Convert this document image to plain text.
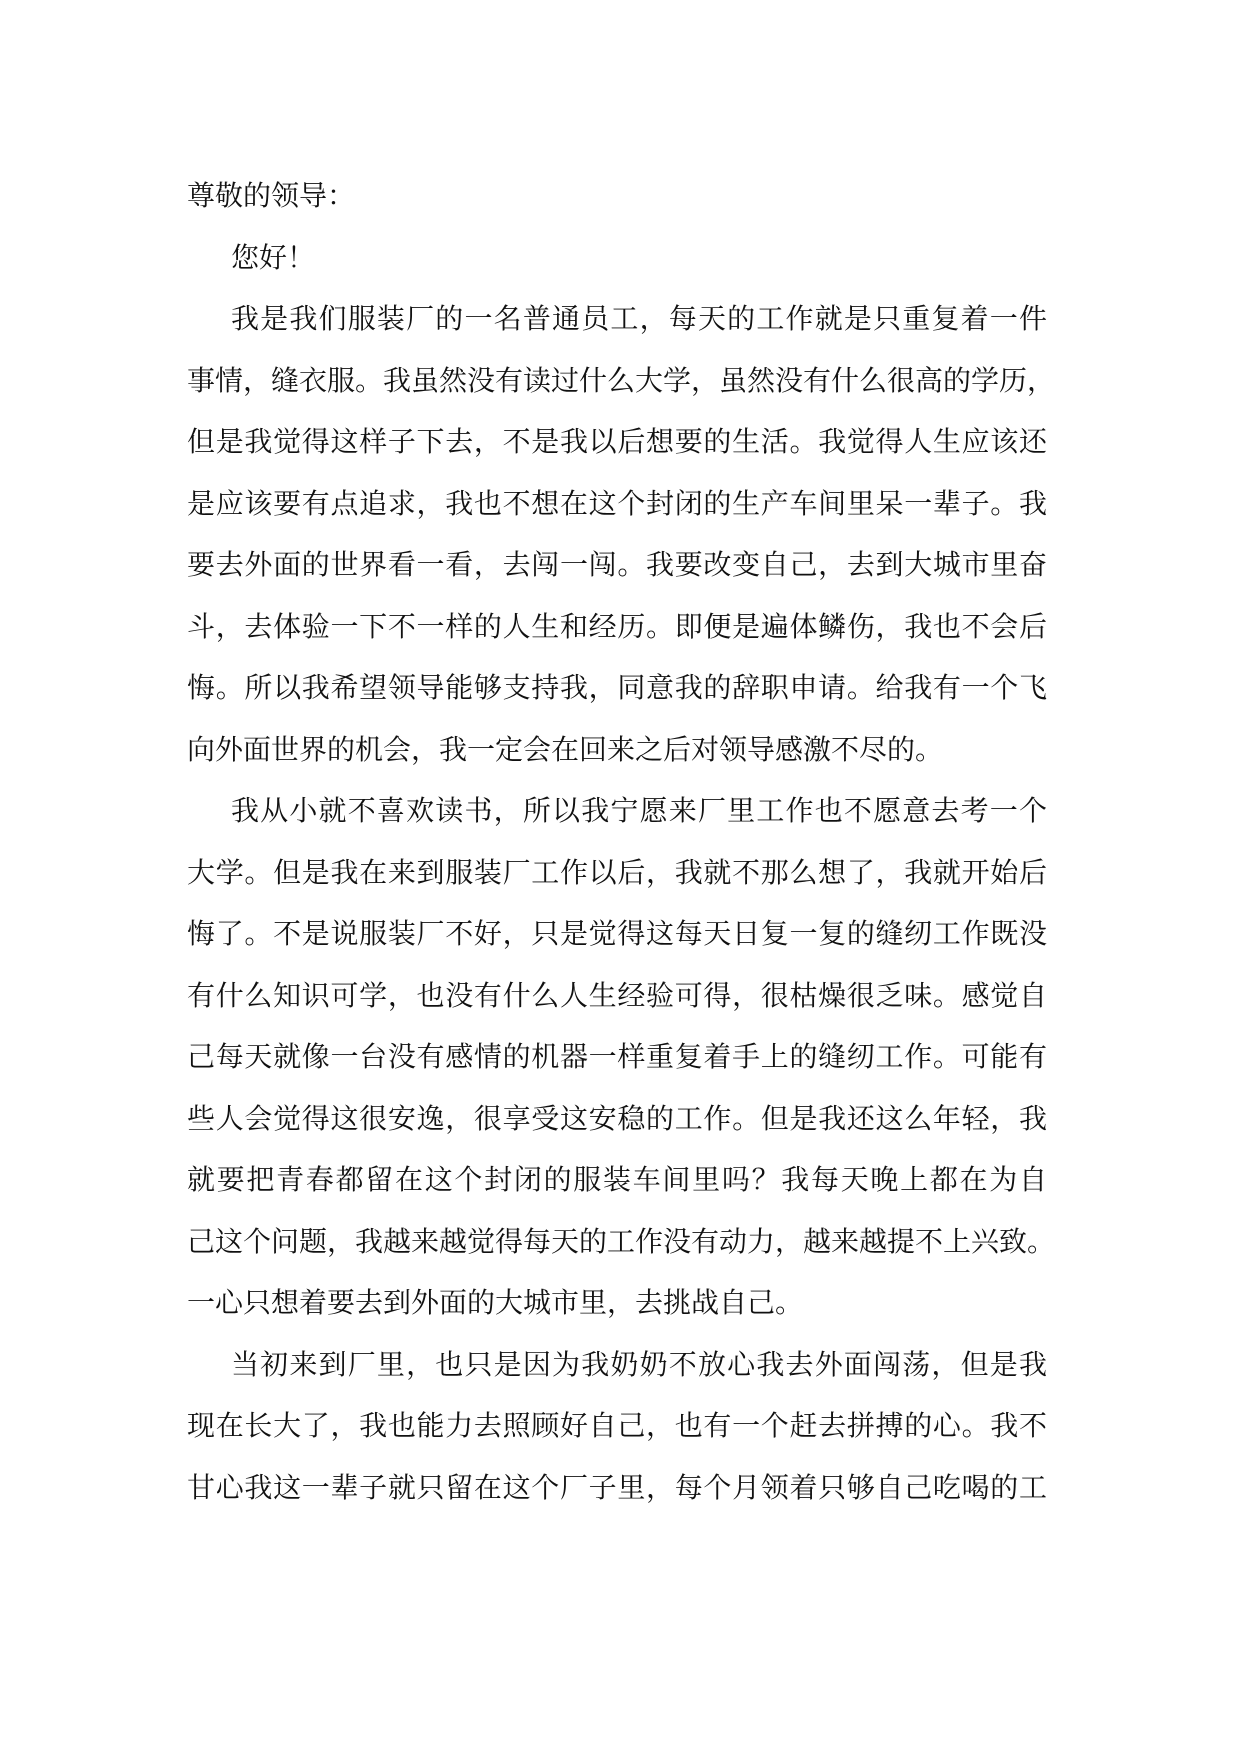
尊敬的领导：
您好！
我是我们服装厂的一名普通员工，每天的工作就是只重复着一件
事情，缝衣服。我虽然没有读过什么大学，虽然没有什么很高的学历，
但是我觉得这样子下去，不是我以后想要的生活。我觉得人生应该还
是应该要有点追求，我也不想在这个封闭的生产车间里呆一辈子。我
要去外面的世界看一看，去闯一闯。我要改变自己，去到大城市里奋
斗，去体验一下不一样的人生和经历。即便是遍体鳞伤，我也不会后
悔。所以我希望领导能够支持我，同意我的辞职申请。给我有一个飞
向外面世界的机会，我一定会在回来之后对领导感激不尽的。
我从小就不喜欢读书，所以我宁愿来厂里工作也不愿意去考一个
大学。但是我在来到服装厂工作以后，我就不那么想了，我就开始后
悔了。不是说服装厂不好，只是觉得这每天日复一复的缝纫工作既没
有什么知识可学，也没有什么人生经验可得，很枯燥很乏味。感觉自
己每天就像一台没有感情的机器一样重复着手上的缝纫工作。可能有
些人会觉得这很安逸，很享受这安稳的工作。但是我还这么年轻，我
就要把青春都留在这个封闭的服装车间里吗？我每天晚上都在为自
己这个问题，我越来越觉得每天的工作没有动力，越来越提不上兴致。
一心只想着要去到外面的大城市里，去挑战自己。
当初来到厂里，也只是因为我奶奶不放心我去外面闯荡，但是我
现在长大了，我也能力去照顾好自己，也有一个赶去拼搏的心。我不
甘心我这一辈子就只留在这个厂子里，每个月领着只够自己吃喝的工
